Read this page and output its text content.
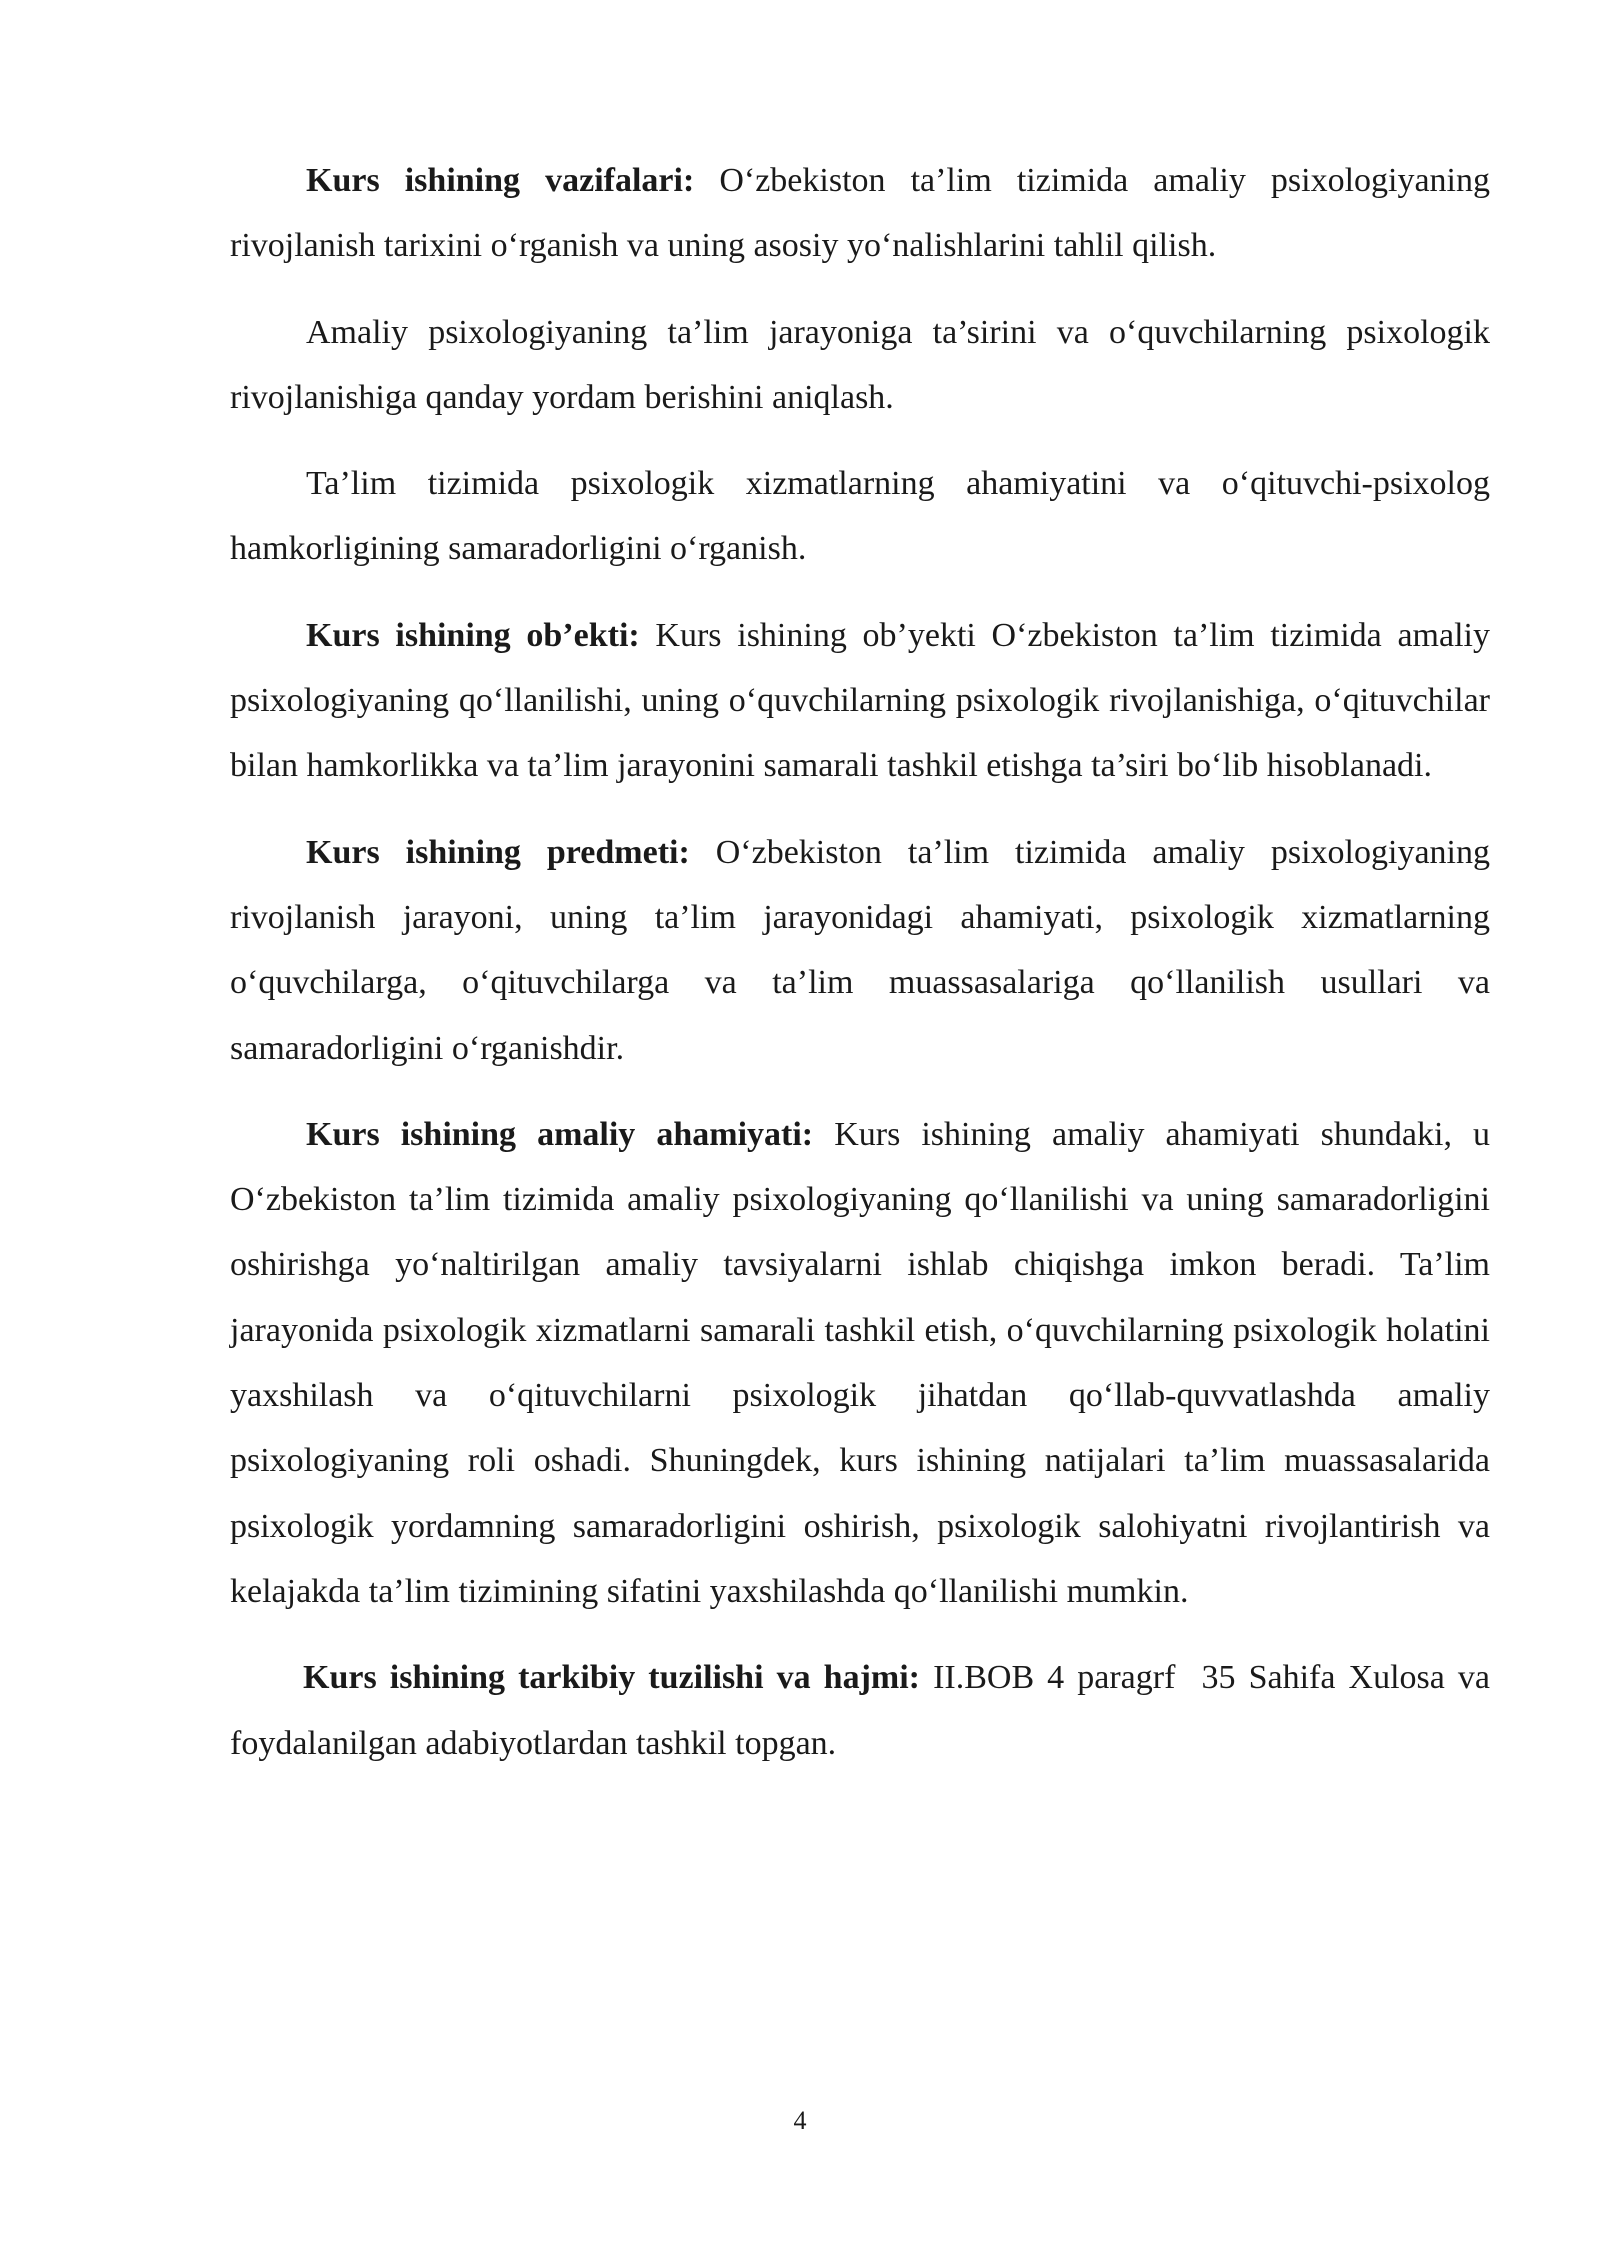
Kurs ishining vazifalari: O‘zbekiston ta’lim tizimida amaliy psixologiyaning rivojlanish tarixini o‘rganish va uning asosiy yo‘nalishlarini tahlil qilish.

Amaliy psixologiyaning ta’lim jarayoniga ta’sirini va o‘quvchilarning psixologik rivojlanishiga qanday yordam berishini aniqlash.

Ta’lim tizimida psixologik xizmatlarning ahamiyatini va o‘qituvchi-psixolog hamkorligining samaradorligini o‘rganish.

Kurs ishining ob’ekti: Kurs ishining ob’yekti O‘zbekiston ta’lim tizimida amaliy psixologiyaning qo‘llanilishi, uning o‘quvchilarning psixologik rivojlanishiga, o‘qituvchilar bilan hamkorlikka va ta’lim jarayonini samarali tashkil etishga ta’siri bo‘lib hisoblanadi.

Kurs ishining predmeti: O‘zbekiston ta’lim tizimida amaliy psixologiyaning rivojlanish jarayoni, uning ta’lim jarayonidagi ahamiyati, psixologik xizmatlarning o‘quvchilarga, o‘qituvchilarga va ta’lim muassasalariga qo‘llanilish usullari va samaradorligini o‘rganishdir.

Kurs ishining amaliy ahamiyati: Kurs ishining amaliy ahamiyati shundaki, u O‘zbekiston ta’lim tizimida amaliy psixologiyaning qo‘llanilishi va uning samaradorligini oshirishga yo‘naltirilgan amaliy tavsiyalarni ishlab chiqishga imkon beradi. Ta’lim jarayonida psixologik xizmatlarni samarali tashkil etish, o‘quvchilarning psixologik holatini yaxshilash va o‘qituvchilarni psixologik jihatdan qo‘llab-quvvatlashda amaliy psixologiyaning roli oshadi. Shuningdek, kurs ishining natijalari ta’lim muassasalarida psixologik yordamning samaradorligini oshirish, psixologik salohiyatni rivojlantirish va kelajakda ta’lim tizimining sifatini yaxshilashda qo‘llanilishi mumkin.

Kurs ishining tarkibiy tuzilishi va hajmi: II.BOB 4 paragrf  35 Sahifa Xulosa va foydalanilgan adabiyotlardan tashkil topgan.

4
